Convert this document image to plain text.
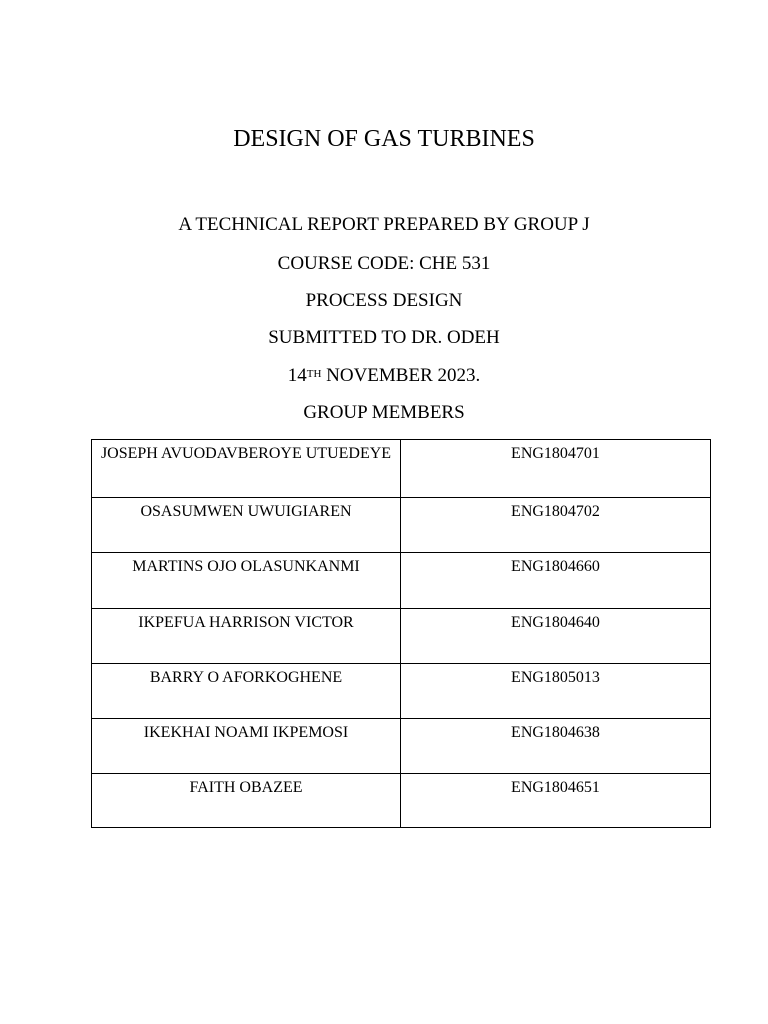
DESIGN OF GAS TURBINES
A TECHNICAL REPORT PREPARED BY GROUP J
COURSE CODE: CHE 531
PROCESS DESIGN
SUBMITTED TO DR. ODEH
14TH NOVEMBER 2023.
GROUP MEMBERS
JOSEPH AVUODAVBEROYE UTUEDEYE	ENG1804701
OSASUMWEN UWUIGIAREN	ENG1804702
MARTINS OJO OLASUNKANMI	ENG1804660
IKPEFUA HARRISON VICTOR	ENG1804640
BARRY O AFORKOGHENE	ENG1805013
IKEKHAI NOAMI IKPEMOSI	ENG1804638
FAITH OBAZEE	ENG1804651
